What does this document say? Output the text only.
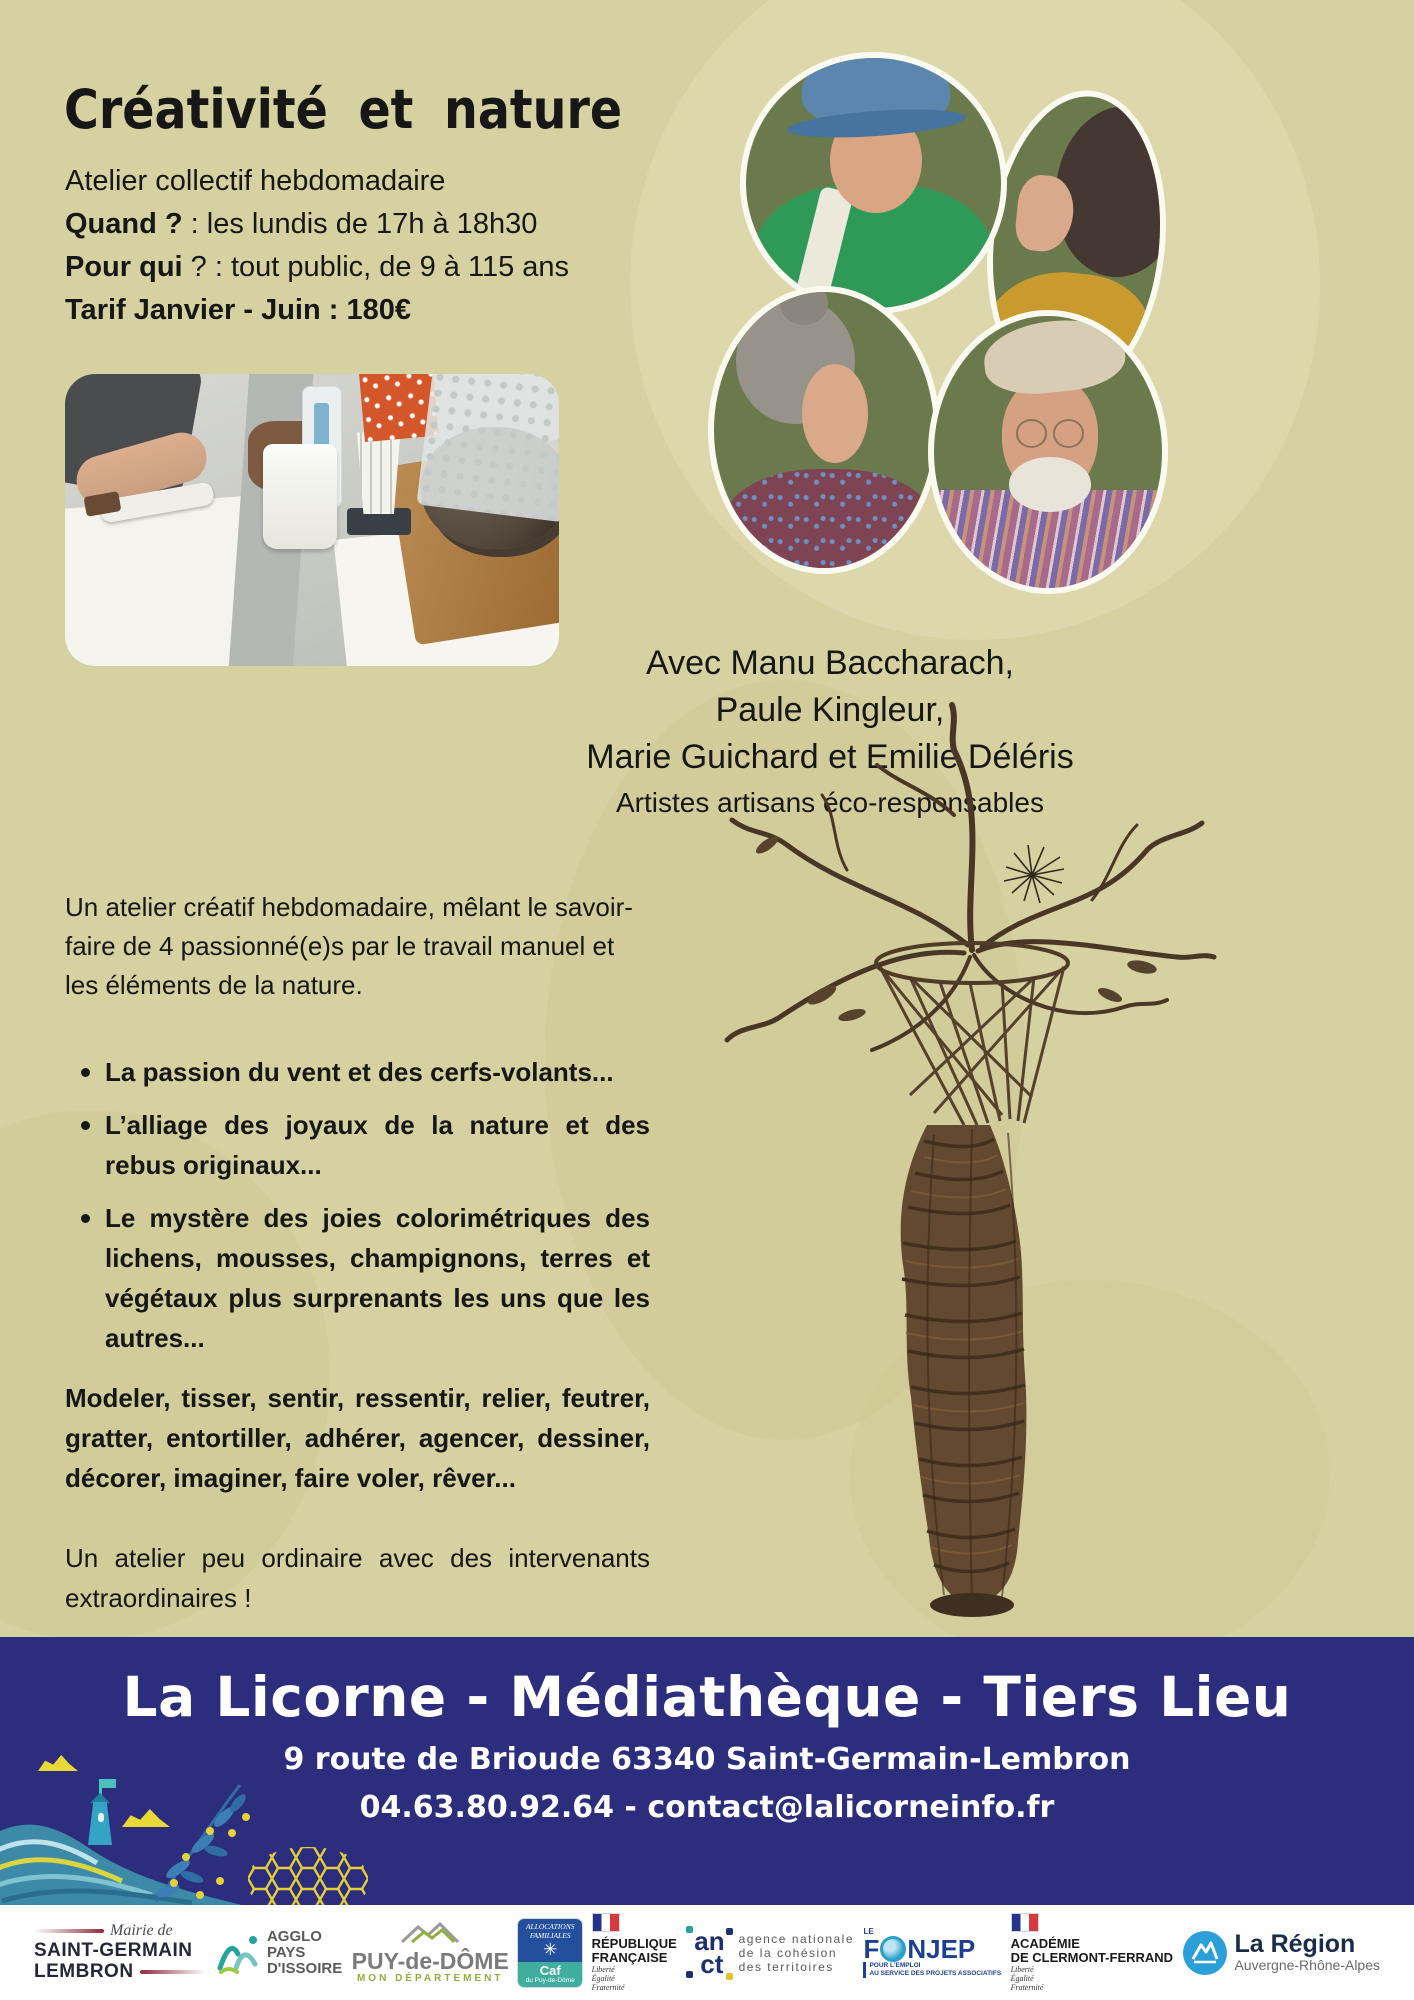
Créativité et nature
Atelier collectif hebdomadaire
Quand ? : les lundis de 17h à 18h30
Pour qui ? : tout public, de 9 à 115 ans
Tarif Janvier - Juin : 180€
Avec Manu Baccharach,
Paule Kingleur,
Marie Guichard et Emilie Déléris
Artistes artisans éco-responsables

Un atelier créatif hebdomadaire, mêlant le savoir-faire de 4 passionné(e)s par le travail manuel et les éléments de la nature.

La passion du vent et des cerfs-volants...
L’alliage des joyaux de la nature et des rebus originaux...
Le mystère des joies colorimétriques des lichens, mousses, champignons, terres et végétaux plus surprenants les uns que les autres...

Modeler, tisser, sentir, ressentir, relier, feutrer, gratter, entortiller, adhérer, agencer, dessiner, décorer, imaginer, faire voler, rêver...

Un atelier peu ordinaire avec des intervenants extraordinaires !

La Licorne - Médiathèque - Tiers Lieu
9 route de Brioude 63340 Saint-Germain-Lembron
04.63.80.92.64 - contact@lalicorneinfo.fr
Mairie de
SAINT-GERMAIN
LEMBRON
AGGLO
PAYS
D'ISSOIRE PUY-de-DÔME
MON DÉPARTEMENT
ALLOCATIONS
FAMILIALES
✳
Caf
du Puy-de-Dôme
RÉPUBLIQUE
FRANÇAISE
Liberté
Égalité
Fraternité
an
ct
agence nationale
de la cohésion
des territoires
LE
F NJEP
POUR L'EMPLOI
AU SERVICE DES PROJETS ASSOCIATIFS
ACADÉMIE
DE CLERMONT-FERRAND
Liberté
Égalité
Fraternité
La Région
Auvergne-Rhône-Alpes
